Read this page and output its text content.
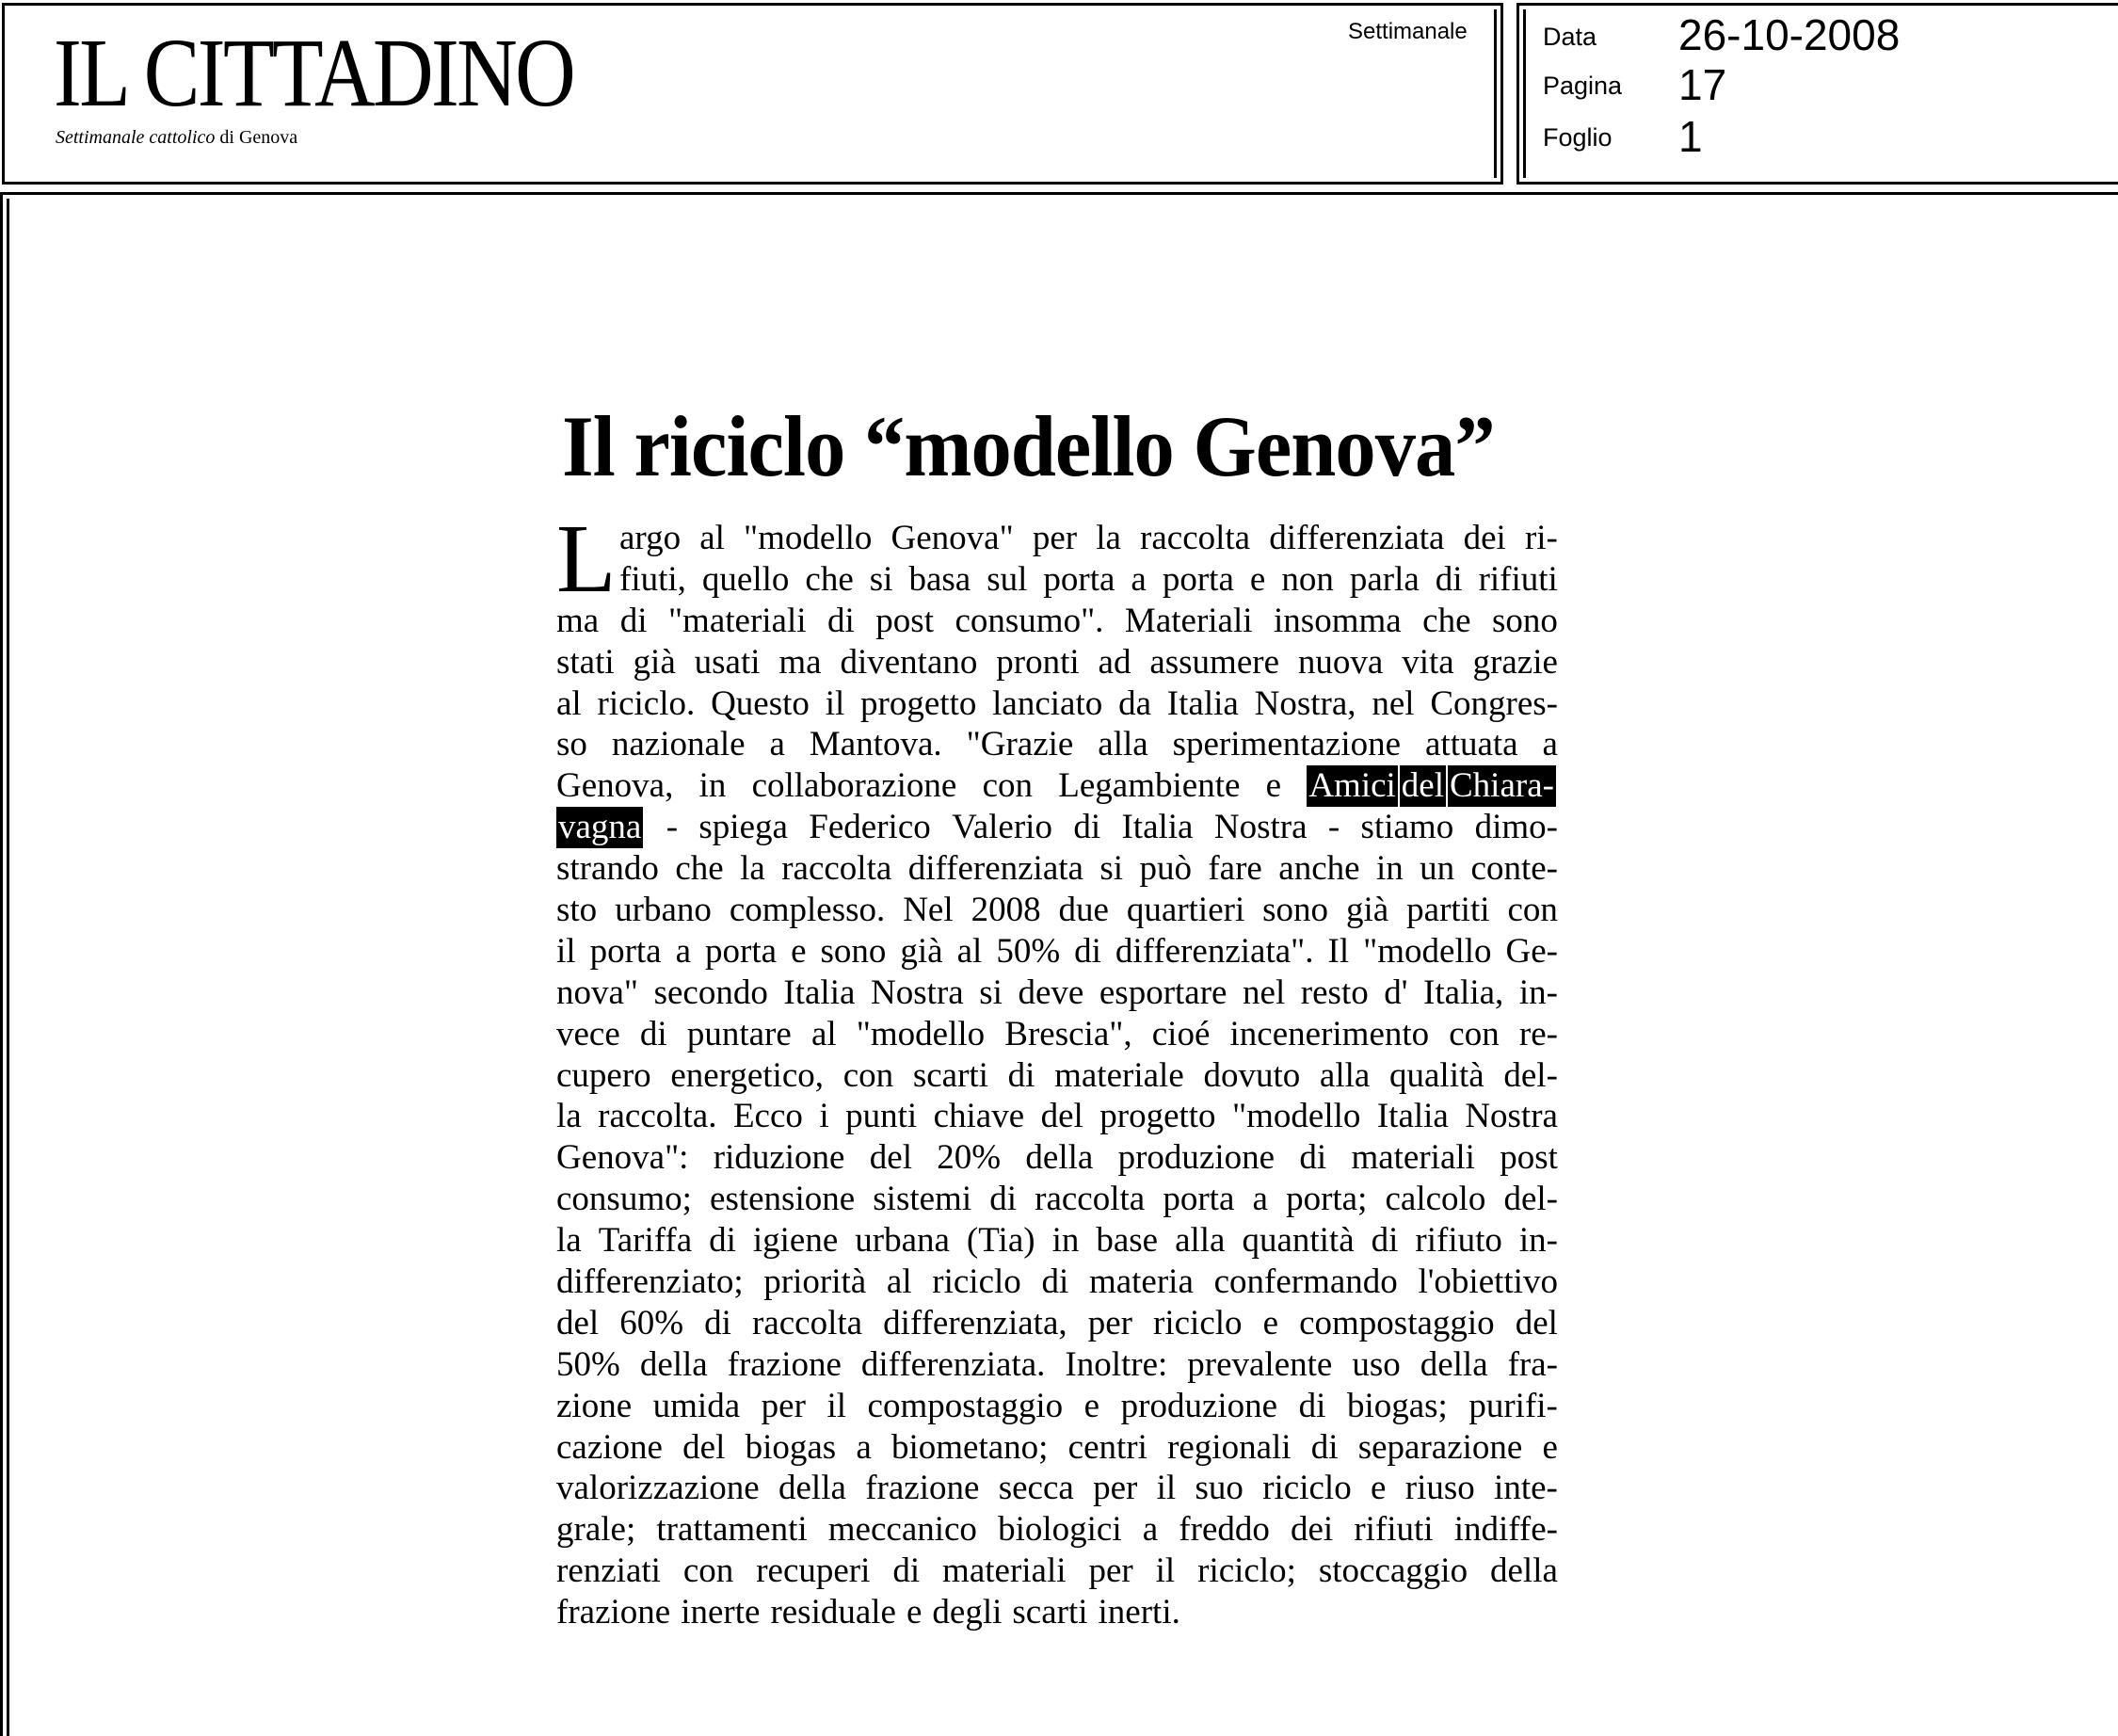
IL CITTADINO
Settimanale cattolico di Genova
Settimanale	Data 26-10-2008
Pagina 17
Foglio 1
Il riciclo “modello Genova”
L argo al "modello Genova" per la raccolta differenziata dei ri-
fiuti, quello che si basa sul porta a porta e non parla di rifiuti
ma di "materiali di post consumo". Materiali insomma che sono
stati già usati ma diventano pronti ad assumere nuova vita grazie
al riciclo. Questo il progetto lanciato da Italia Nostra, nel Congres-
so nazionale a Mantova. "Grazie alla sperimentazione attuata a
Genova, in collaborazione con Legambiente e Amici del Chiara-
vagna - spiega Federico Valerio di Italia Nostra - stiamo dimo-
strando che la raccolta differenziata si può fare anche in un conte-
sto urbano complesso. Nel 2008 due quartieri sono già partiti con
il porta a porta e sono già al 50% di differenziata". Il "modello Ge-
nova" secondo Italia Nostra si deve esportare nel resto d' Italia, in-
vece di puntare al "modello Brescia", cioé incenerimento con re-
cupero energetico, con scarti di materiale dovuto alla qualità del-
la raccolta. Ecco i punti chiave del progetto "modello Italia Nostra
Genova": riduzione del 20% della produzione di materiali post
consumo; estensione sistemi di raccolta porta a porta; calcolo del-
la Tariffa di igiene urbana (Tia) in base alla quantità di rifiuto in-
differenziato; priorità al riciclo di materia confermando l'obiettivo
del 60% di raccolta differenziata, per riciclo e compostaggio del
50% della frazione differenziata. Inoltre: prevalente uso della fra-
zione umida per il compostaggio e produzione di biogas; purifi-
cazione del biogas a biometano; centri regionali di separazione e
valorizzazione della frazione secca per il suo riciclo e riuso inte-
grale; trattamenti meccanico biologici a freddo dei rifiuti indiffe-
renziati con recuperi di materiali per il riciclo; stoccaggio della
frazione inerte residuale e degli scarti inerti.
